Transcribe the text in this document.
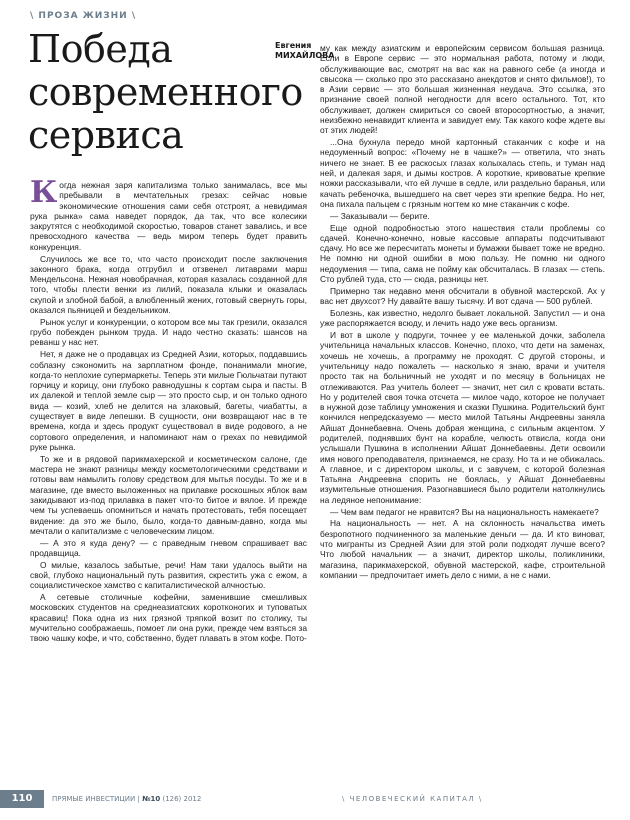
\ ПРОЗА ЖИЗНИ \
Победа современного сервиса
Евгения
МИХАЙЛОВА

Когда нежная заря капитализма только занималась, все мы пребывали в мечтательных грезах: сейчас новые экономические отношения сами себя отстроят, а невидимая рука рынка» сама наведет порядок, да так, что все колесики закрутятся с необходимой скоростью, товаров станет завались, и все превосходного качества — ведь миром теперь будет править конкуренция.

Случилось же все то, что часто происходит после заключения законного брака, когда отгрубил и отзвенел литаврами марш Мендельсона. Нежная новобрачная, которая казалась созданной для того, чтобы плести венки из лилий, показала клыки и оказалась скупой и злобной бабой, а влюбленный жених, готовый свернуть горы, оказался пьяницей и бездельником.

Рынок услуг и конкуренции, о котором все мы так грезили, оказался грубо побежден рынком труда. И надо честно сказать: шансов на реванш у нас нет.

Нет, я даже не о продавцах из Средней Азии, которых, поддавшись соблазну сэкономить на зарплатном фонде, понанимали многие, когда-то неплохие супермаркеты. Теперь эти милые Гюльчатаи путают горчицу и корицу, они глубоко равнодушны к сортам сыра и пасты. В их далекой и теплой земле сыр — это просто сыр, и он только одного вида — козий, хлеб не делится на злаковый, багеты, чиабатты, а существует в виде лепешки. В сущности, они возвращают нас в те времена, когда и здесь продукт существовал в виде родового, а не сортового определения, и напоминают нам о грехах по невидимой руке рынка.

То же и в рядовой парикмахерской и косметическом салоне, где мастера не знают разницы между косметологическими средствами и готовы вам намылить голову средством для мытья посуды. То же и в магазине, где вместо выложенных на прилавке роскошных яблок вам закидывают из-под прилавка в пакет что-то битое и вялое. И прежде чем ты успеваешь опомниться и начать протестовать, тебя посещает видение: да это же было, было, когда-то давным-давно, когда мы мечтали о капитализме с человеческим лицом.

— А это я куда дену? — с праведным гневом спрашивает вас продавщица.

О милые, казалось забытые, речи! Нам таки удалось выйти на свой, глубоко национальный путь развития, скрестить ужа с ежом, а социалистическое хамство с капиталистической алчностью.

А сетевые столичные кофейни, заменившие смешливых московских студентов на среднеазиатских коротконогих и туповатых красавиц! Пока одна из них грязной тряпкой возит по столику, ты мучительно соображаешь, помоет ли она руки, прежде чем взяться за твою чашку кофе, и что, собственно, будет плавать в этом кофе. Пото-

му как между азиатским и европейским сервисом большая разница. Если в Европе сервис — это нормальная работа, потому и люди, обслуживающие вас, смотрят на вас как на равного себе (а иногда и свысока — сколько про это рассказано анекдотов и снято фильмов!), то в Азии сервис — это большая жизненная неудача. Это ссылка, это признание своей полной негодности для всего остального. Тот, кто обслуживает, должен смириться со своей второсортностью, а значит, неизбежно ненавидит клиента и завидует ему. Так какого кофе ждете вы от этих людей!

...Она бухнула передо мной картонный стаканчик с кофе и на недоуменный вопрос: «Почему не в чашке?» — ответила, что знать ничего не знает. В ее раскосых глазах колыхалась степь, и туман над ней, и далекая заря, и дымы костров. А короткие, кривоватые крепкие ножки рассказывали, что ей лучше в седле, или раздельно баранья, или качать ребеночка, вышедшего на свет через эти крепкие бедра. Но нет, она пихала пальцем с грязным ногтем ко мне стаканчик с кофе.

— Заказывали — берите.

Еще одной подробностью этого нашествия стали проблемы со сдачей. Конечно-конечно, новые кассовые аппараты подсчитывают сдачу. Но все же пересчитать монеты и бумажки бывает тоже не вредно. Не помню ни одной ошибки в мою пользу. Не помню ни одного недоумения — типа, сама не пойму как обсчиталась. В глазах — степь. Сто рублей туда, сто — сюда, разницы нет.

Примерно так недавно меня обсчитали в обувной мастерской. Ах у вас нет двухсот? Ну давайте вашу тысячу. И вот сдача — 500 рублей.

Болезнь, как известно, недолго бывает локальной. Запустил — и она уже распоряжается всюду, и лечить надо уже весь организм.

И вот в школе у подруги, точнее у ее маленькой дочки, заболела учительница начальных классов. Конечно, плохо, что дети на заменах, хочешь не хочешь, а программу не проходят. С другой стороны, и учительницу надо пожалеть — насколько я знаю, врачи и учителя просто так на больничный не уходят и по месяцу в больницах не отлеживаются. Раз учитель болеет — значит, нет сил с кровати встать. Но у родителей своя точка отсчета — милое чадо, которое не получает в нужной дозе таблицу умножения и сказки Пушкина. Родительский бунт кончился непредсказуемо — место милой Татьяны Андреевны заняла Айшат Доннебаевна. Очень добрая женщина, с сильным акцентом. У родителей, поднявших бунт на корабле, челюсть отвисла, когда они услышали Пушкина в исполнении Айшат Доннебаевны. Дети освоили имя нового преподавателя, признаемся, не сразу. Но та и не обижалась. А главное, и с директором школы, и с завучем, с которой болезная Татьяна Андреевна спорить не боялась, у Айшат Доннебаевны изумительные отношения. Разогнавшиеся было родители натолкнулись на ледяное непонимание:

— Чем вам педагог не нравится? Вы на национальность намекаете?

На национальность — нет. А на склонность начальства иметь безропотного подчиненного за маленькие деньги — да. И кто виноват, что мигранты из Средней Азии для этой роли подходят лучше всего? Что любой начальник — а значит, директор школы, поликлиники, магазина, парикмахерской, обувной мастерской, кафе, строительной компании — предпочитает иметь дело с ними, а не с нами.

110	ПРЯМЫЕ ИНВЕСТИЦИИ | №10 (126) 2012	\ ЧЕЛОВЕЧЕСКИЙ КАПИТАЛ \
